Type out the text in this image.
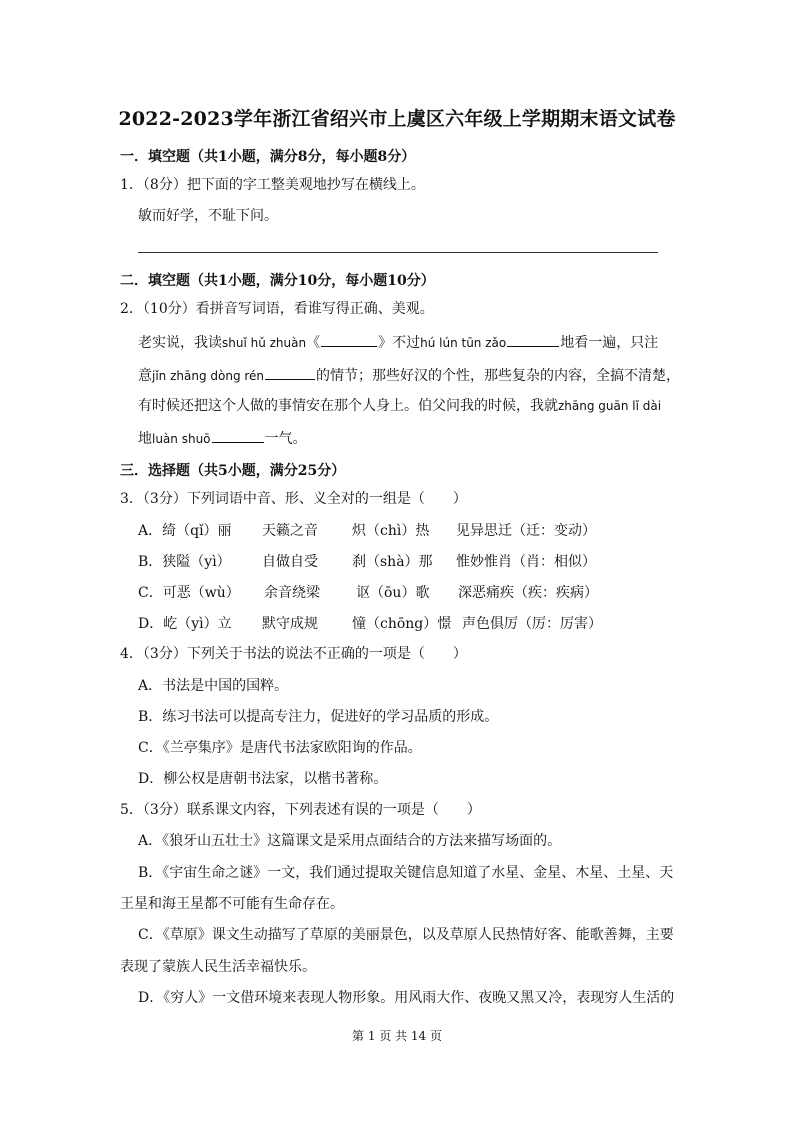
2022-2023学年浙江省绍兴市上虞区六年级上学期期末语文试卷
一．填空题（共1小题，满分8分，每小题8分）
1．（8分）把下面的字工整美观地抄写在横线上。
敏而好学，不耻下问。
二．填空题（共1小题，满分10分，每小题10分）
2．（10分）看拼音写词语，看谁写得正确、美观。
老实说，我读shuǐ hǔ zhuàn《	》不过hú lún tūn zǎo	地看一遍，只注
意jǐn zhāng dòng rén	的情节；那些好汉的个性，那些复杂的内容，全搞不清楚，
有时候还把这个人做的事情安在那个人身上。伯父问我的时候，我就zhāng guān lǐ dài
地luàn shuō	一气。
三．选择题（共5小题，满分25分）
3．（3分）下列词语中音、形、义全对的一组是（　　）
A．绮（qǐ）丽 天籁之音 炽（chì）热 见异思迁（迁：变动）
B．狭隘（yì） 自做自受 刹（shà）那 惟妙惟肖（肖：相似）
C．可恶（wù） 余音绕梁	讴（ōu）歌 深恶痛疾（疾：疾病）
D．屹（yì）立 默守成规 憧（chōng）憬 声色俱厉（厉：厉害）
4．（3分）下列关于书法的说法不正确的一项是（　　）
A．书法是中国的国粹。
B．练习书法可以提高专注力，促进好的学习品质的形成。
C．《兰亭集序》是唐代书法家欧阳询的作品。
D．柳公权是唐朝书法家，以楷书著称。
5．（3分）联系课文内容，下列表述有误的一项是（　　）
A．《狼牙山五壮士》这篇课文是采用点面结合的方法来描写场面的。
B．《宇宙生命之谜》一文，我们通过提取关键信息知道了水星、金星、木星、土星、天
王星和海王星都不可能有生命存在。
C．《草原》课文生动描写了草原的美丽景色，以及草原人民热情好客、能歌善舞，主要
表现了蒙族人民生活幸福快乐。
D．《穷人》一文借环境来表现人物形象。用风雨大作、夜晚又黑又冷，表现穷人生活的
第 1 页 共 14 页
